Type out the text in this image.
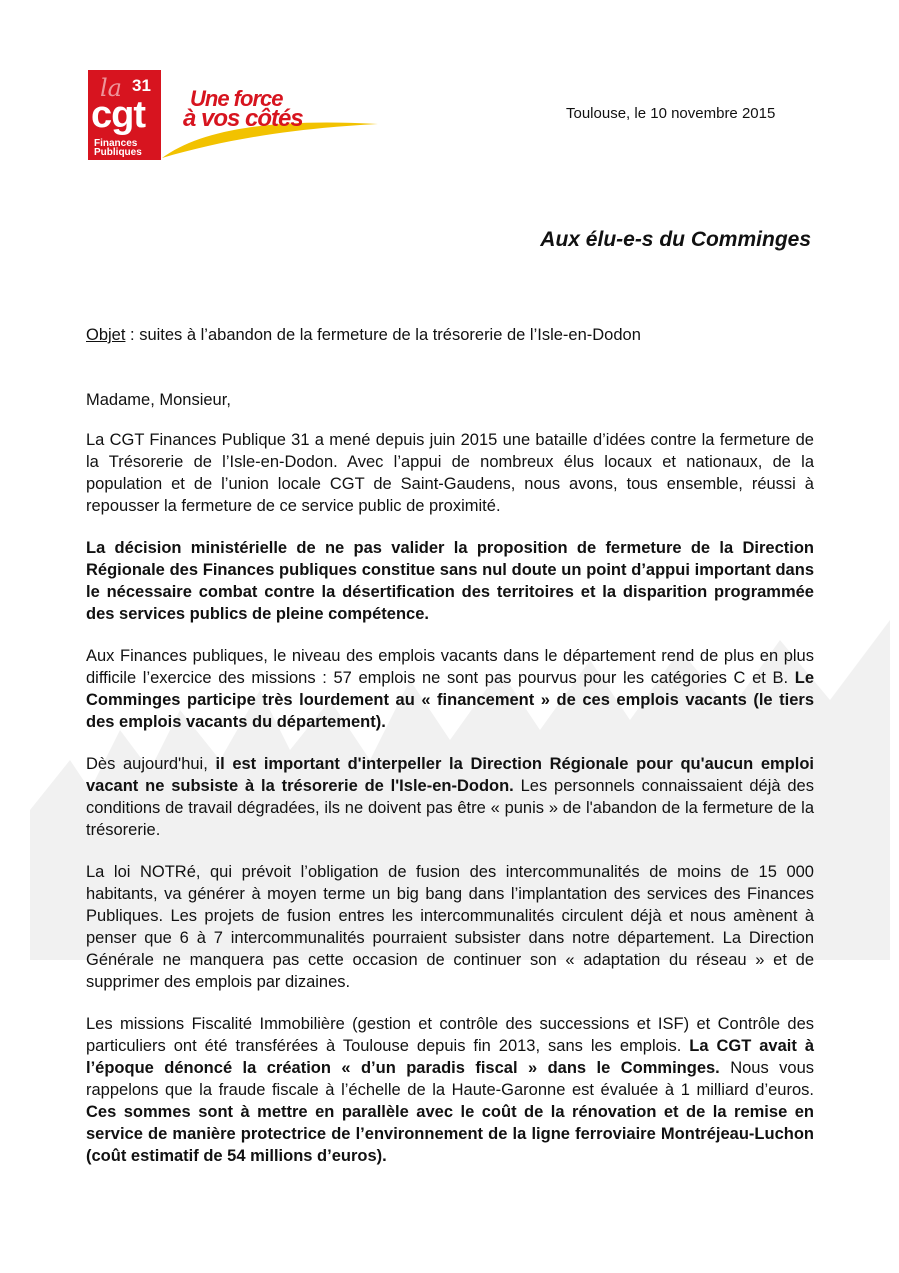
la 31
cgt
Finances
Publiques
Une force
à vos côtés	Toulouse, le 10 novembre 2015
Aux élu-e-s du Comminges
Objet : suites à l’abandon de la fermeture de la trésorerie de l’Isle-en-Dodon

Madame, Monsieur,

La CGT Finances Publique 31 a mené depuis juin 2015 une bataille d’idées contre la fermeture de la Trésorerie de l’Isle-en-Dodon. Avec l’appui de nombreux élus locaux et nationaux, de la population et de l’union locale CGT de Saint-Gaudens, nous avons, tous ensemble, réussi à repousser la fermeture de ce service public de proximité.

La décision ministérielle de ne pas valider la proposition de fermeture de la Direction Régionale des Finances publiques constitue sans nul doute un point d’appui important dans le nécessaire combat contre la désertification des territoires et la disparition programmée des services publics de pleine compétence.

Aux Finances publiques, le niveau des emplois vacants dans le département rend de plus en plus difficile l’exercice des missions : 57 emplois ne sont pas pourvus pour les catégories C et B. Le Comminges participe très lourdement au « financement » de ces emplois vacants (le tiers des emplois vacants du département).

Dès aujourd'hui, il est important d'interpeller la Direction Régionale pour qu'aucun emploi vacant ne subsiste à la trésorerie de l'Isle-en-Dodon. Les personnels connaissaient déjà des conditions de travail dégradées, ils ne doivent pas être « punis » de l'abandon de la fermeture de la trésorerie.

La loi NOTRé, qui prévoit l’obligation de fusion des intercommunalités de moins de 15 000 habitants, va générer à moyen terme un big bang dans l’implantation des services des Finances Publiques. Les projets de fusion entres les intercommunalités circulent déjà et nous amènent à penser que 6 à 7 intercommunalités pourraient subsister dans notre département. La Direction Générale ne manquera pas cette occasion de continuer son « adaptation du réseau » et de supprimer des emplois par dizaines.

Les missions Fiscalité Immobilière (gestion et contrôle des successions et ISF) et Contrôle des particuliers ont été transférées à Toulouse depuis fin 2013, sans les emplois. La CGT avait à l’époque dénoncé la création « d’un paradis fiscal » dans le Comminges. Nous vous rappelons que la fraude fiscale à l’échelle de la Haute-Garonne est évaluée à 1 milliard d’euros. Ces sommes sont à mettre en parallèle avec le coût de la rénovation et de la remise en service de manière protectrice de l’environnement de la ligne ferroviaire Montréjeau-Luchon (coût estimatif de 54 millions d’euros).
